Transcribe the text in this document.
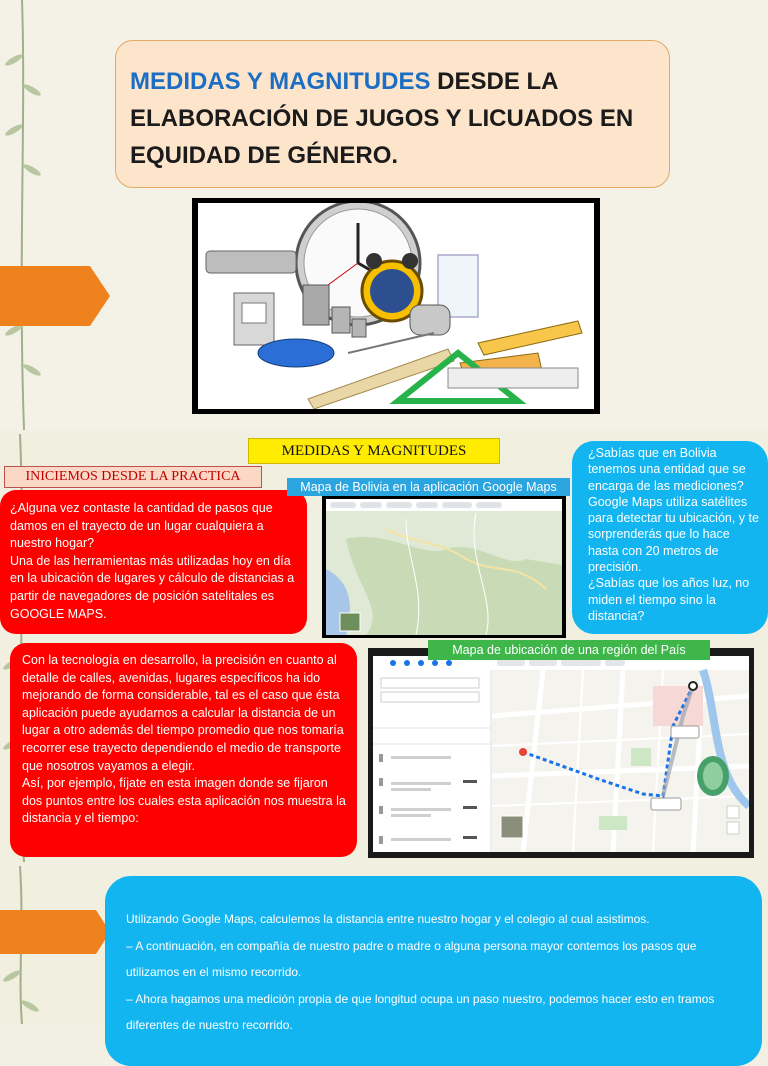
MEDIDAS Y MAGNITUDES DESDE LA ELABORACIÓN DE JUGOS Y LICUADOS EN EQUIDAD DE GÉNERO.
MEDIDAS Y MAGNITUDES
INICIEMOS DESDE LA PRACTICA

¿Alguna vez contaste la cantidad de pasos que damos en el trayecto de un lugar cualquiera a nuestro hogar?

Una de las herramientas más utilizadas hoy en día en la ubicación de lugares y cálculo de distancias a partir de navegadores de posición satelitales es GOOGLE MAPS.

Mapa de Bolivia en la aplicación Google Maps

¿Sabías que en Bolivia tenemos una entidad que se encarga de las mediciones? Google Maps utiliza satélites para detectar tu ubicación, y te sorprenderás que lo hace hasta con 20 metros de precisión.

¿Sabías que los años luz, no miden el tiempo sino la distancia?

Con la tecnología en desarrollo, la precisión en cuanto al detalle de calles, avenidas, lugares específicos ha ido mejorando de forma considerable, tal es el caso que ésta aplicación puede ayudarnos a calcular la distancia de un lugar a otro además del tiempo promedio que nos tomaría recorrer ese trayecto dependiendo el medio de transporte que nosotros vayamos a elegir.

Así, por ejemplo, fíjate en esta imagen donde se fijaron dos puntos entre los cuales esta aplicación nos muestra la distancia y el tiempo:

Mapa de ubicación de una región del País

Utilizando Google Maps, calculemos la distancia entre nuestro hogar y el colegio al cual asistimos.

– A continuación, en compañía de nuestro padre o madre o alguna persona mayor contemos los pasos que utilizamos en el mismo recorrido.

– Ahora hagamos una medición propia de que longitud ocupa un paso nuestro, podemos hacer esto en tramos diferentes de nuestro recorrido.
